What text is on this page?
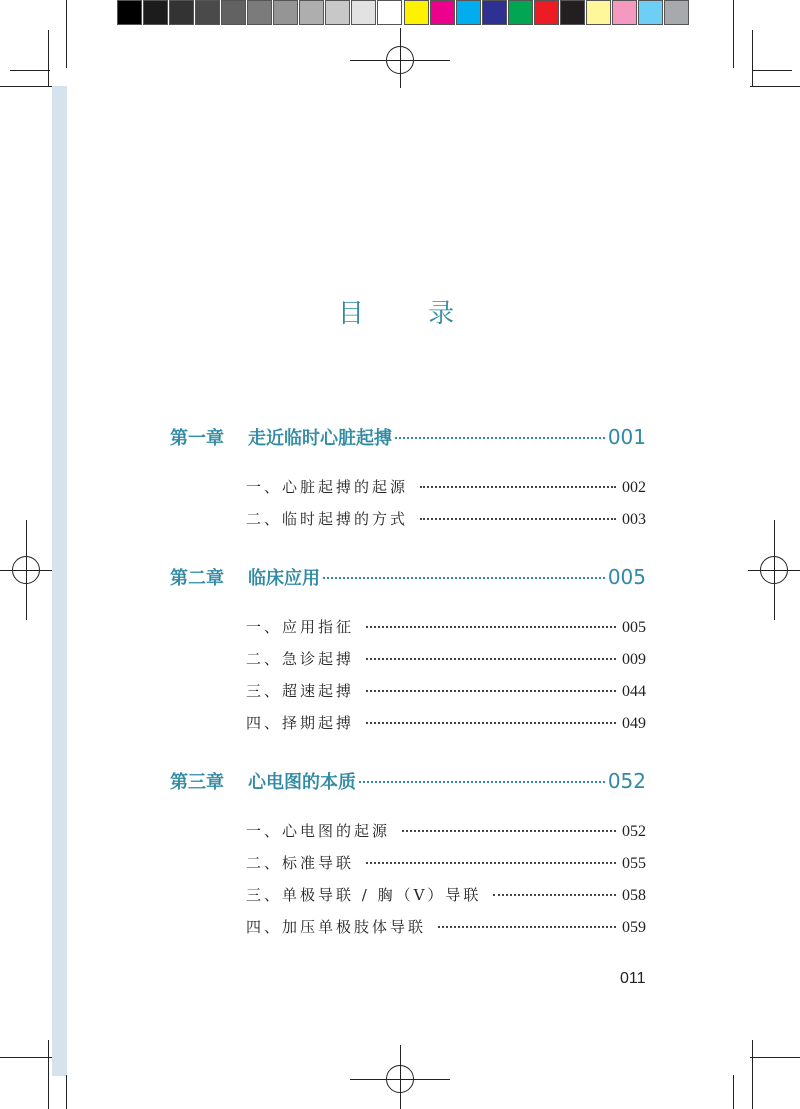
目 录
第一章	走近临时心脏起搏	001
一、心脏起搏的起源	002
二、临时起搏的方式	003
第二章	临床应用	005
一、应用指征	005
二、急诊起搏	009
三、超速起搏	044
四、择期起搏	049
第三章	心电图的本质	052
一、心电图的起源	052
二、标准导联	055
三、单极导联 / 胸（V）导联	058
四、加压单极肢体导联	059
011
